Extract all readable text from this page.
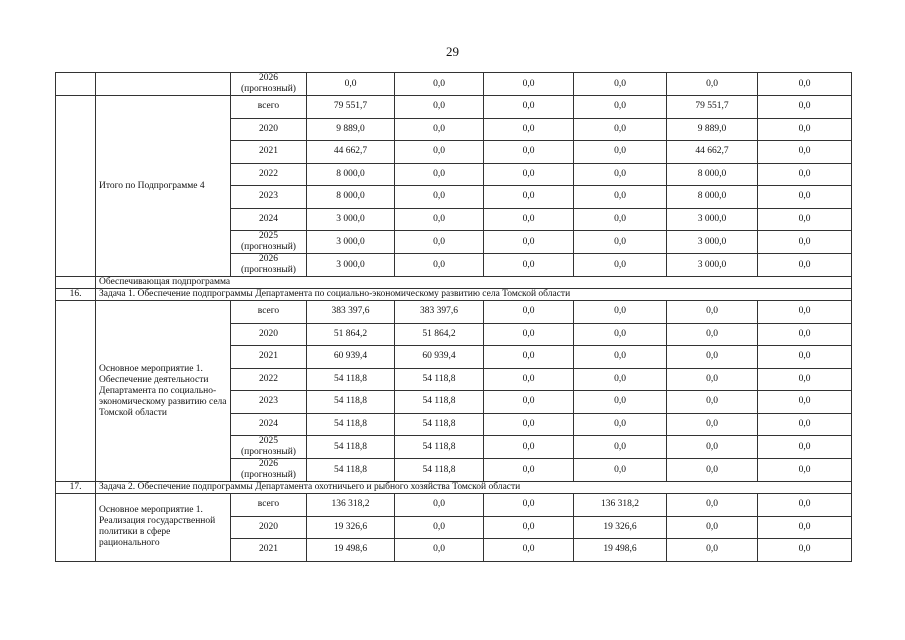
29
		2026 (прогнозный)	0,0	0,0	0,0	0,0	0,0	0,0
	Итого по Подпрограмме 4	всего	79 551,7	0,0	0,0	0,0	79 551,7	0,0
		2020	9 889,0	0,0	0,0	0,0	9 889,0	0,0
		2021	44 662,7	0,0	0,0	0,0	44 662,7	0,0
		2022	8 000,0	0,0	0,0	0,0	8 000,0	0,0
		2023	8 000,0	0,0	0,0	0,0	8 000,0	0,0
		2024	3 000,0	0,0	0,0	0,0	3 000,0	0,0
		2025 (прогнозный)	3 000,0	0,0	0,0	0,0	3 000,0	0,0
		2026 (прогнозный)	3 000,0	0,0	0,0	0,0	3 000,0	0,0
	Обеспечивающая подпрограмма							
16.	Задача 1. Обеспечение подпрограммы Департамента по социально-экономическому развитию села Томской области							
	Основное мероприятие 1. Обеспечение деятельности Департамента по социально-экономическому развитию села Томской области	всего	383 397,6	383 397,6	0,0	0,0	0,0	0,0
		2020	51 864,2	51 864,2	0,0	0,0	0,0	0,0
		2021	60 939,4	60 939,4	0,0	0,0	0,0	0,0
		2022	54 118,8	54 118,8	0,0	0,0	0,0	0,0
		2023	54 118,8	54 118,8	0,0	0,0	0,0	0,0
		2024	54 118,8	54 118,8	0,0	0,0	0,0	0,0
		2025 (прогнозный)	54 118,8	54 118,8	0,0	0,0	0,0	0,0
		2026 (прогнозный)	54 118,8	54 118,8	0,0	0,0	0,0	0,0
17.	Задача 2. Обеспечение подпрограммы Департамента охотничьего и рыбного хозяйства Томской области							
	Основное мероприятие 1. Реализация государственной политики в сфере рационального	всего	136 318,2	0,0	0,0	136 318,2	0,0	0,0
		2020	19 326,6	0,0	0,0	19 326,6	0,0	0,0
		2021	19 498,6	0,0	0,0	19 498,6	0,0	0,0
